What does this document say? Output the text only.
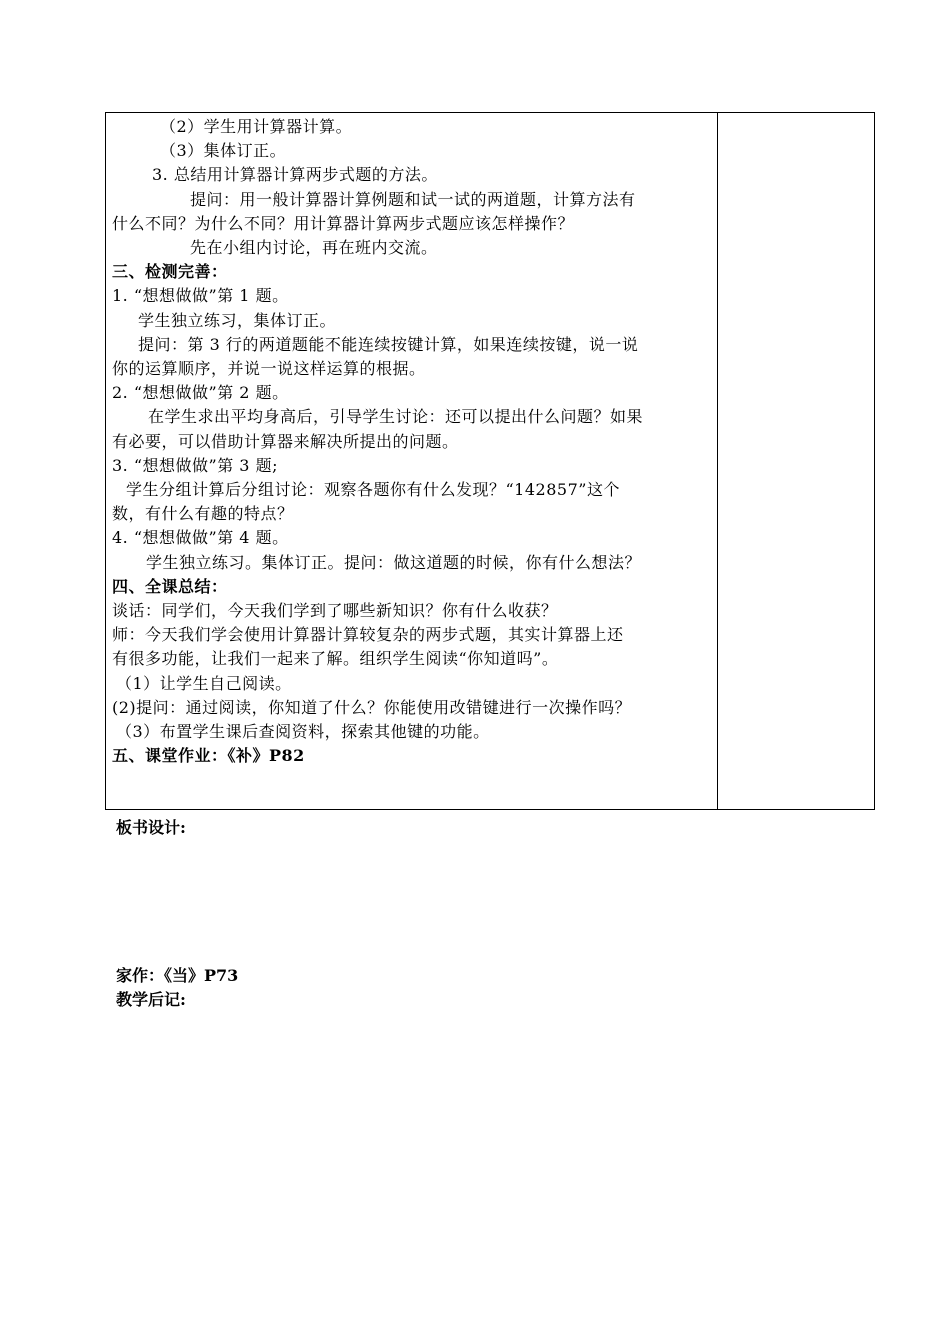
（2）学生用计算器计算。
（3）集体订正。
3. 总结用计算器计算两步式题的方法。
提问：用一般计算器计算例题和试一试的两道题，计算方法有
什么不同？为什么不同？用计算器计算两步式题应该怎样操作？
先在小组内讨论，再在班内交流。
三、检测完善：
1. “想想做做”第 1 题。
学生独立练习，集体订正。
提问：第 3 行的两道题能不能连续按键计算，如果连续按键，说一说
你的运算顺序，并说一说这样运算的根据。
2. “想想做做”第 2 题。
在学生求出平均身高后，引导学生讨论：还可以提出什么问题？如果
有必要，可以借助计算器来解决所提出的问题。
3. “想想做做”第 3 题;
学生分组计算后分组讨论：观察各题你有什么发现？“142857”这个
数，有什么有趣的特点？
4. “想想做做”第 4 题。
学生独立练习。集体订正。提问：做这道题的时候，你有什么想法？
四、全课总结：
谈话：同学们，今天我们学到了哪些新知识？你有什么收获？
师：今天我们学会使用计算器计算较复杂的两步式题，其实计算器上还
有很多功能，让我们一起来了解。组织学生阅读“你知道吗”。
（1）让学生自己阅读。
(2)提问：通过阅读，你知道了什么？你能使用改错键进行一次操作吗？
（3）布置学生课后查阅资料，探索其他键的功能。
五、课堂作业：《补》P82
板书设计:
家作：《当》P73
教学后记:
